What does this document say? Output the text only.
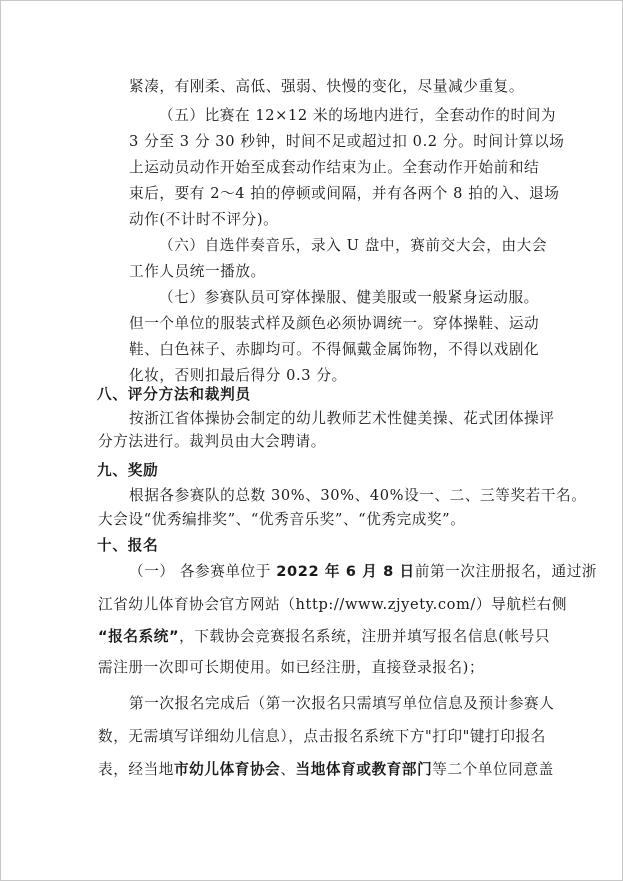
紧凑，有刚柔、高低、强弱、快慢的变化，尽量减少重复。
（五）比赛在 12×12 米的场地内进行，全套动作的时间为
3 分至 3 分 30 秒钟，时间不足或超过扣 0.2 分。时间计算以场
上运动员动作开始至成套动作结束为止。全套动作开始前和结
束后，要有 2～4 拍的停顿或间隔，并有各两个 8 拍的入、退场
动作(不计时不评分)。
（六）自选伴奏音乐，录入 U 盘中，赛前交大会，由大会
工作人员统一播放。
（七）参赛队员可穿体操服、健美服或一般紧身运动服。
但一个单位的服装式样及颜色必须协调统一。穿体操鞋、运动
鞋、白色袜子、赤脚均可。不得佩戴金属饰物，不得以戏剧化
化妆，否则扣最后得分 0.3 分。
八、评分方法和裁判员
按浙江省体操协会制定的幼儿教师艺术性健美操、花式团体操评
分方法进行。裁判员由大会聘请。
九、奖励
根据各参赛队的总数 30%、30%、40%设一、二、三等奖若干名。
大会设“优秀编排奖”、“优秀音乐奖”、“优秀完成奖”。
十、报名
（一） 各参赛单位于 2022 年 6 月 8 日前第一次注册报名，通过浙
江省幼儿体育协会官方网站（http://www.zjyety.com/）导航栏右侧
“报名系统”，下载协会竞赛报名系统，注册并填写报名信息(帐号只
需注册一次即可长期使用。如已经注册，直接登录报名)；
第一次报名完成后（第一次报名只需填写单位信息及预计参赛人
数，无需填写详细幼儿信息），点击报名系统下方"打印"键打印报名
表，经当地市幼儿体育协会、当地体育或教育部门等二个单位同意盖
